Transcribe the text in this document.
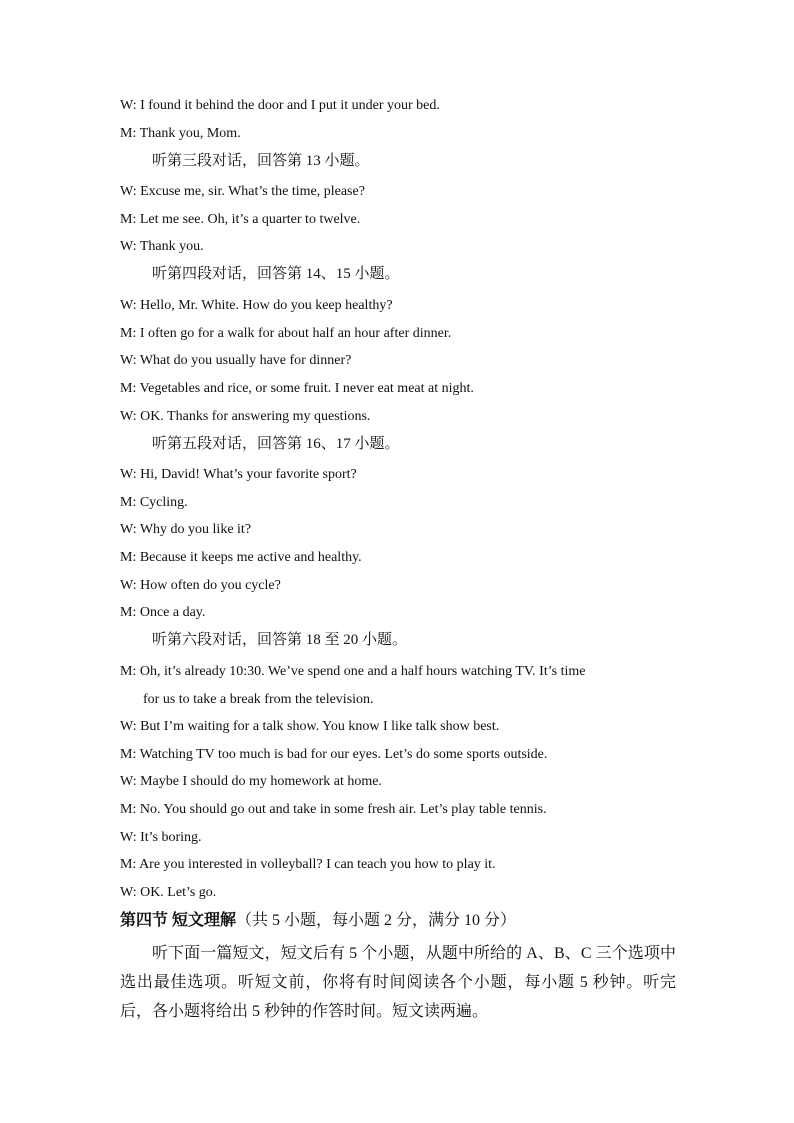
W: I found it behind the door and I put it under your bed.
M: Thank you, Mom.
听第三段对话，回答第 13 小题。
W: Excuse me, sir. What’s the time, please?
M: Let me see. Oh, it’s a quarter to twelve.
W: Thank you.
听第四段对话，回答第 14、15 小题。
W: Hello, Mr. White. How do you keep healthy?
M: I often go for a walk for about half an hour after dinner.
W: What do you usually have for dinner?
M: Vegetables and rice, or some fruit. I never eat meat at night.
W: OK. Thanks for answering my questions.
听第五段对话，回答第 16、17 小题。
W: Hi, David! What’s your favorite sport?
M: Cycling.
W: Why do you like it?
M: Because it keeps me active and healthy.
W: How often do you cycle?
M: Once a day.
听第六段对话，回答第 18 至 20 小题。
M: Oh, it’s already 10:30. We’ve spend one and a half hours watching TV. It’s time
for us to take a break from the television.
W: But I’m waiting for a talk show. You know I like talk show best.
M: Watching TV too much is bad for our eyes. Let’s do some sports outside.
W: Maybe I should do my homework at home.
M: No. You should go out and take in some fresh air. Let’s play table tennis.
W: It’s boring.
M: Are you interested in volleyball? I can teach you how to play it.
W: OK. Let’s go.
第四节 短文理解（共 5 小题，每小题 2 分，满分 10 分）
听下面一篇短文，短文后有 5 个小题，从题中所给的 A、B、C 三个选项中选出最佳选项。听短文前，你将有时间阅读各个小题，每小题 5 秒钟。听完后，各小题将给出 5 秒钟的作答时间。短文读两遍。
